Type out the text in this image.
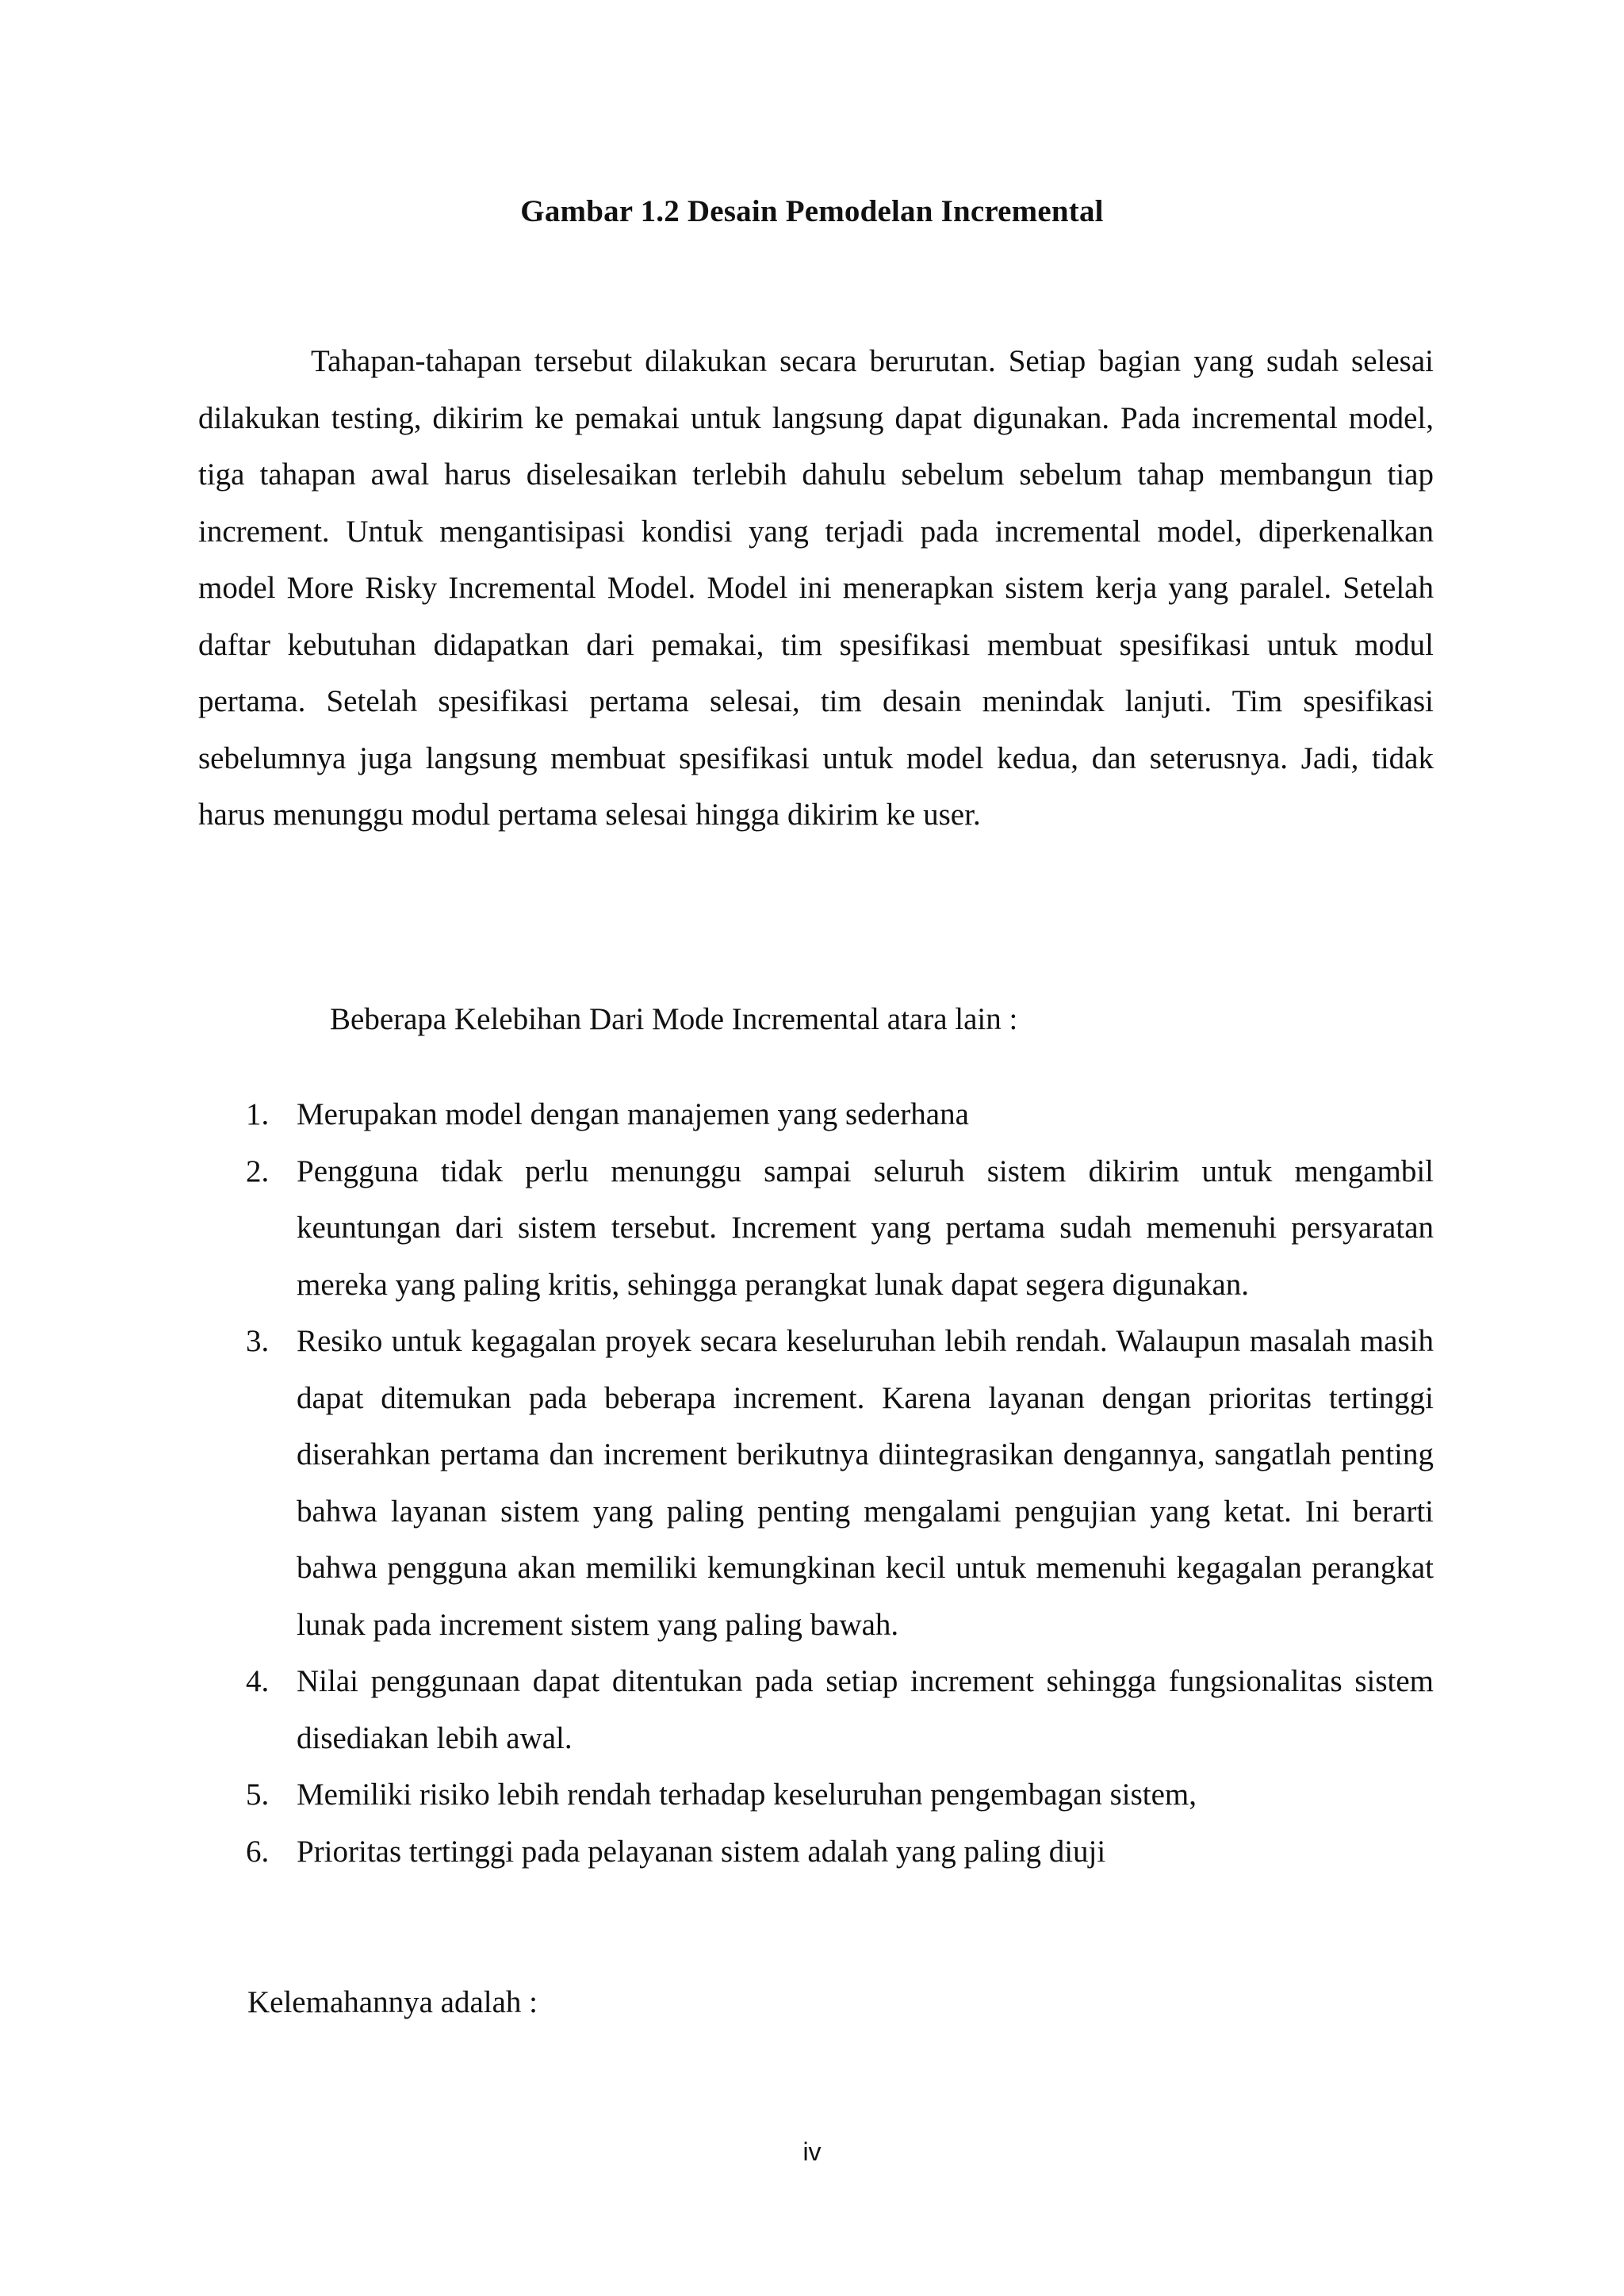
Gambar 1.2 Desain Pemodelan Incremental

Tahapan-tahapan tersebut dilakukan secara berurutan. Setiap bagian yang sudah selesai dilakukan testing, dikirim ke pemakai untuk langsung dapat digunakan. Pada incremental model, tiga tahapan awal harus diselesaikan terlebih dahulu sebelum sebelum tahap membangun tiap increment. Untuk mengantisipasi kondisi yang terjadi pada incremental model, diperkenalkan model More Risky Incremental Model. Model ini menerapkan sistem kerja yang paralel. Setelah daftar kebutuhan didapatkan dari pemakai, tim spesifikasi membuat spesifikasi untuk modul pertama. Setelah spesifikasi pertama selesai, tim desain menindak lanjuti. Tim spesifikasi sebelumnya juga langsung membuat spesifikasi untuk model kedua, dan seterusnya. Jadi, tidak harus menunggu modul pertama selesai hingga dikirim ke user.

Beberapa Kelebihan Dari Mode Incremental atara lain :

1. Merupakan model dengan manajemen yang sederhana
2. Pengguna tidak perlu menunggu sampai seluruh sistem dikirim untuk mengambil keuntungan dari sistem tersebut. Increment yang pertama sudah memenuhi persyaratan mereka yang paling kritis, sehingga perangkat lunak dapat segera digunakan.
3. Resiko untuk kegagalan proyek secara keseluruhan lebih rendah. Walaupun masalah masih dapat ditemukan pada beberapa increment. Karena layanan dengan prioritas tertinggi diserahkan pertama dan increment berikutnya diintegrasikan dengannya, sangatlah penting bahwa layanan sistem yang paling penting mengalami pengujian yang ketat. Ini berarti bahwa pengguna akan memiliki kemungkinan kecil untuk memenuhi kegagalan perangkat lunak pada increment sistem yang paling bawah.
4. Nilai penggunaan dapat ditentukan pada setiap increment sehingga fungsionalitas sistem disediakan lebih awal.
5. Memiliki risiko lebih rendah terhadap keseluruhan pengembagan sistem,
6. Prioritas tertinggi pada pelayanan sistem adalah yang paling diuji

Kelemahannya adalah :

iv
